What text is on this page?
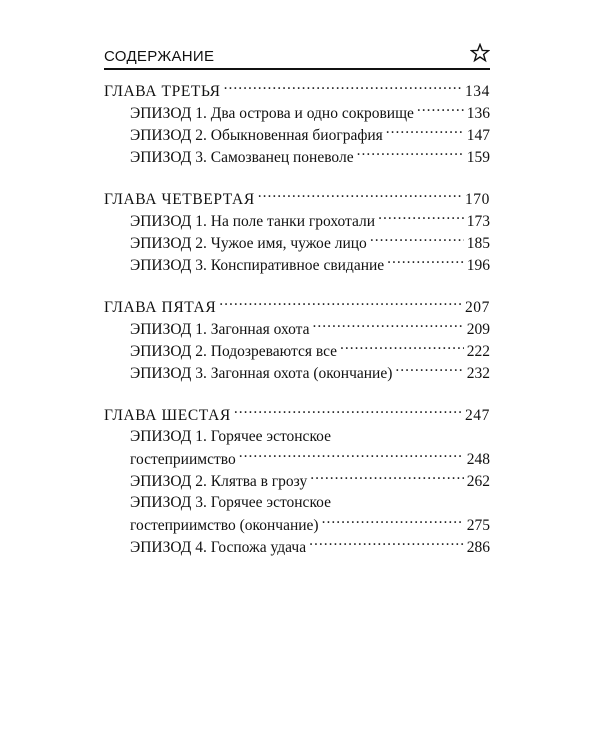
СОДЕРЖАНИЕ
ГЛАВА ТРЕТЬЯ .....	134
ЭПИЗОД 1. Два острова и одно сокровище .....	136
ЭПИЗОД 2. Обыкновенная биография .....	147
ЭПИЗОД 3. Самозванец поневоле .....	159
ГЛАВА ЧЕТВЕРТАЯ .....	170
ЭПИЗОД 1. На поле танки грохотали .....	173
ЭПИЗОД 2. Чужое имя, чужое лицо .....	185
ЭПИЗОД 3. Конспиративное свидание .....	196
ГЛАВА ПЯТАЯ .....	207
ЭПИЗОД 1. Загонная охота .....	209
ЭПИЗОД 2. Подозреваются все .....	222
ЭПИЗОД 3. Загонная охота (окончание) .....	232
ГЛАВА ШЕСТАЯ .....	247
ЭПИЗОД 1. Горячее эстонское
гостеприимство .....	248
ЭПИЗОД 2. Клятва в грозу .....	262
ЭПИЗОД 3. Горячее эстонское
гостеприимство (окончание) .....	275
ЭПИЗОД 4. Госпожа удача .....	286
